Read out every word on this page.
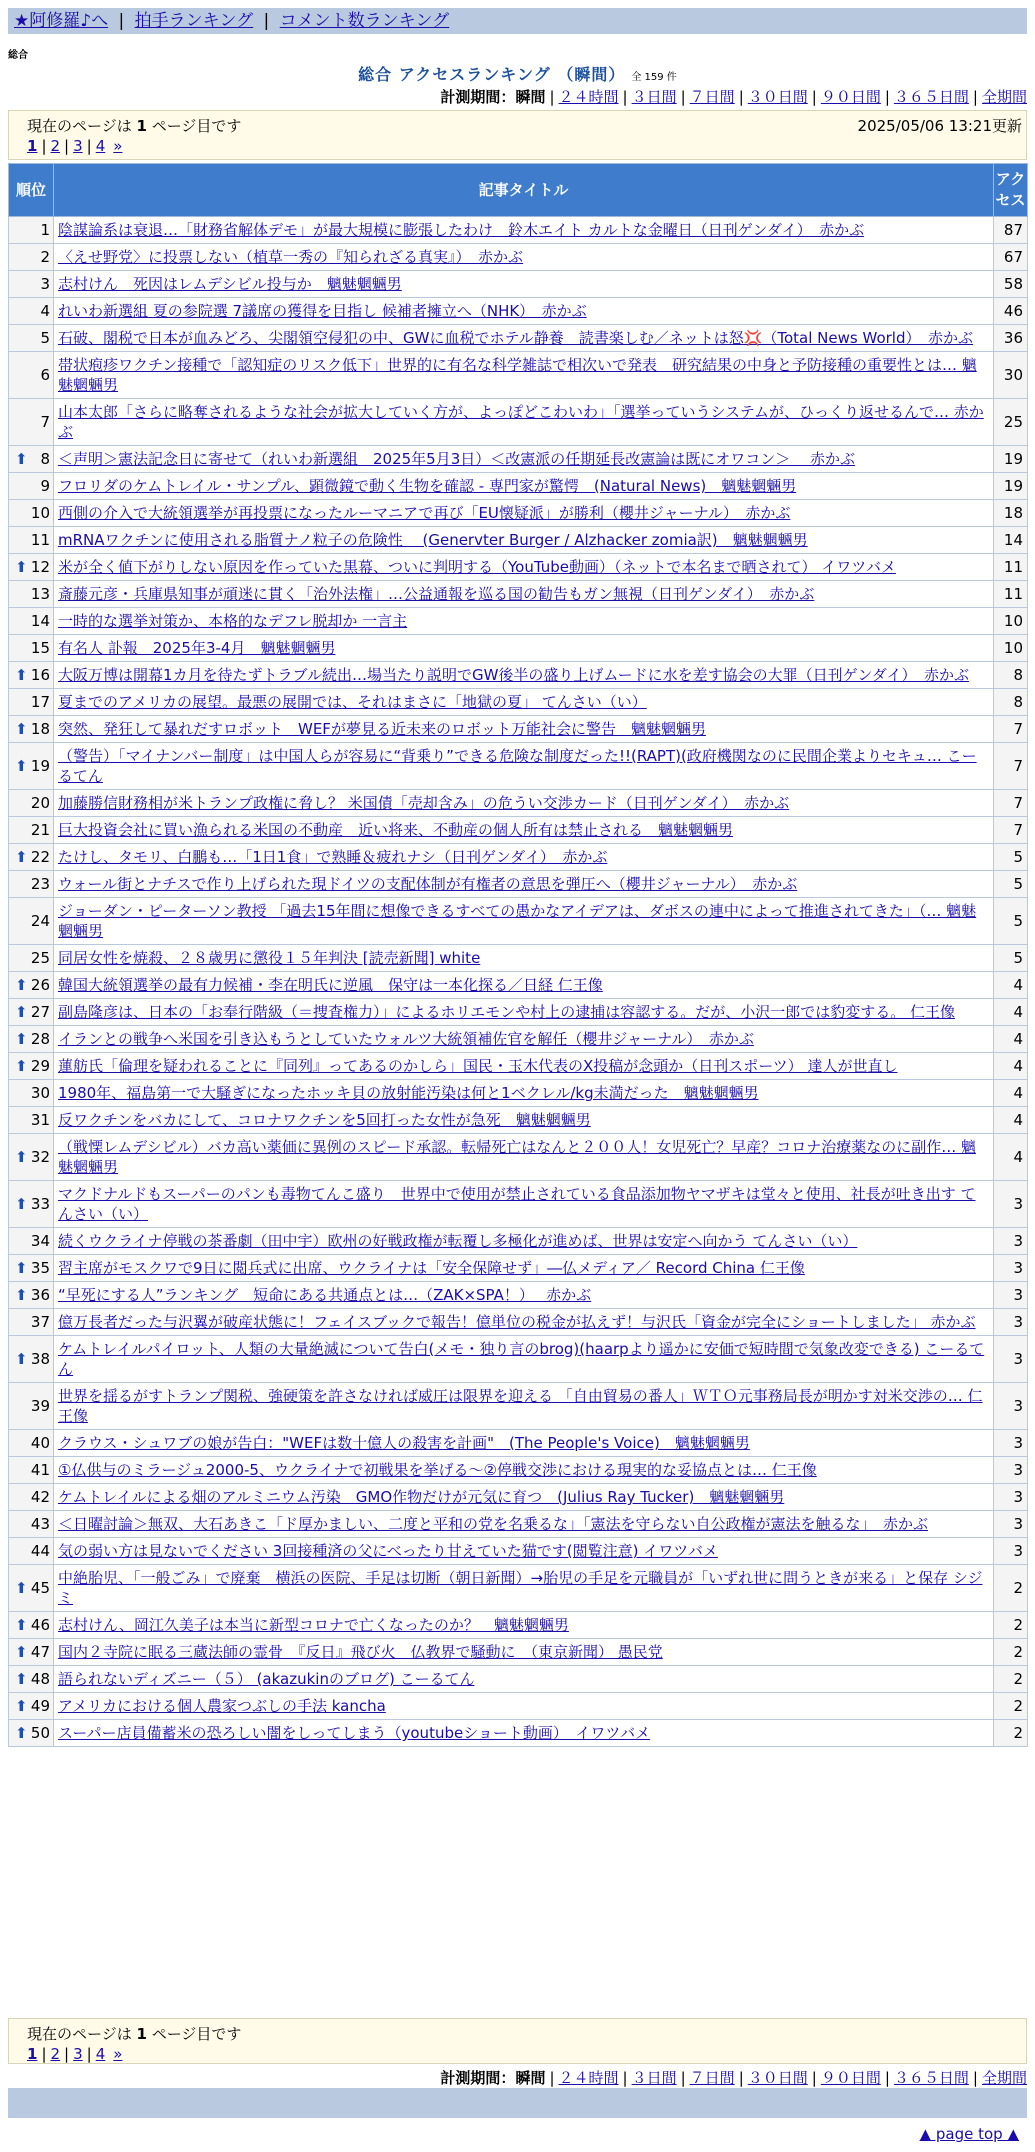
★阿修羅♪へ | 拍手ランキング | コメント数ランキング
総合
総合 アクセスランキング （瞬間） 全 159 件
計測期間：瞬間 | ２４時間 | ３日間 | ７日間 | ３０日間 | ９０日間 | ３６５日間 | 全期間
現在のページは 1 ページ目です
1 | 2 | 3 | 4 »
2025/05/06 13:21更新
順位	記事タイトル	アク
セス
1	陰謀論系は衰退…「財務省解体デモ」が最大規模に膨張したわけ　鈴木エイト カルトな金曜日（日刊ゲンダイ）　赤かぶ	87
2	〈えせ野党〉に投票しない（植草一秀の『知られざる真実』）　赤かぶ	67
3	志村けん　死因はレムデシビル投与か　魑魅魍魎男	58
4	れいわ新選組 夏の参院選 7議席の獲得を目指し 候補者擁立へ（NHK）　赤かぶ	46
5	石破、閣税で日本が血みどろ、尖閣領空侵犯の中、GWに血税でホテル静養　読書楽しむ／ネットは怒💢（Total News World）　赤かぶ	36
6	帯状疱疹ワクチン接種で「認知症のリスク低下」世界的に有名な科学雑誌で相次いで発表　研究結果の中身と予防接種の重要性とは… 魑魅魍魎男	30
7	山本太郎「さらに略奪されるような社会が拡大していく方が、よっぽどこわいわ」「選挙っていうシステムが、ひっくり返せるんで… 赤かぶ	25

⬆ 8	＜声明＞憲法記念日に寄せて（れいわ新選組　2025年5月3日）＜改憲派の任期延長改憲論は既にオワコン＞　 赤かぶ	19
9	フロリダのケムトレイル・サンプル、顕微鏡で動く生物を確認 - 専門家が驚愕　(Natural News)　魑魅魍魎男	19
10	西側の介入で大統領選挙が再投票になったルーマニアで再び「EU懐疑派」が勝利（櫻井ジャーナル）　赤かぶ	18
11	mRNAワクチンに使用される脂質ナノ粒子の危険性　 (Genervter Burger / Alzhacker zomia訳)　魑魅魍魎男	14

⬆ 12	米が全く値下がりしない原因を作っていた黒幕、ついに判明する（YouTube動画）（ネットで本名まで晒されて） イワツバメ	11
13	斎藤元彦・兵庫県知事が頑迷に貫く「治外法権」…公益通報を巡る国の勧告もガン無視（日刊ゲンダイ）　赤かぶ	11
14	一時的な選挙対策か、本格的なデフレ脱却か 一言主	10
15	有名人 訃報　2025年3-4月　魑魅魍魎男	10

⬆ 16	大阪万博は開幕1カ月を待たずトラブル続出…場当たり説明でGW後半の盛り上げムードに水を差す協会の大罪（日刊ゲンダイ）　赤かぶ	8
17	夏までのアメリカの展望。最悪の展開では、それはまさに「地獄の夏」 てんさい（い）	8

⬆ 18	突然、発狂して暴れだすロボット　WEFが夢見る近未来のロボット万能社会に警告　魑魅魍魎男	7

⬆ 19	（警告）「マイナンバー制度」は中国人らが容易に“背乗り”できる危険な制度だった!!(RAPT)(政府機関なのに民間企業よりセキュ… こーるてん	7
20	加藤勝信財務相が米トランプ政権に脅し？ 米国債「売却含み」の危うい交渉カード（日刊ゲンダイ）　赤かぶ	7
21	巨大投資会社に買い漁られる米国の不動産　近い将来、不動産の個人所有は禁止される　魑魅魍魎男	7

⬆ 22	たけし、タモリ、白鵬も…「1日1食」で熟睡＆疲れナシ（日刊ゲンダイ）　赤かぶ	5
23	ウォール街とナチスで作り上げられた現ドイツの支配体制が有権者の意思を弾圧へ（櫻井ジャーナル）　赤かぶ	5
24	ジョーダン・ピーターソン教授 「過去15年間に想像できるすべての愚かなアイデアは、ダボスの連中によって推進されてきた」（… 魑魅魍魎男	5
25	同居女性を焼殺、２８歳男に懲役１５年判決 [読売新聞] white	5

⬆ 26	韓国大統領選挙の最有力候補・李在明氏に逆風　保守は一本化探る／日経 仁王像	4

⬆ 27	副島隆彦は、日本の「お奉行階級（＝捜査権力）」によるホリエモンや村上の逮捕は容認する。だが、小沢一郎では豹変する。 仁王像	4

⬆ 28	イランとの戦争へ米国を引き込もうとしていたウォルツ大統領補佐官を解任（櫻井ジャーナル）　赤かぶ	4

⬆ 29	蓮舫氏「倫理を疑われることに『同列』ってあるのかしら」国民・玉木代表のX投稿が念頭か（日刊スポーツ） 達人が世直し	4
30	1980年、福島第一で大騒ぎになったホッキ貝の放射能汚染は何と1ベクレル/kg未満だった　魑魅魍魎男	4
31	反ワクチンをバカにして、コロナワクチンを5回打った女性が急死　魑魅魍魎男	4

⬆ 32	（戦慄レムデシビル）バカ高い薬価に異例のスピード承認。転帰死亡はなんと２００人！女児死亡？早産？コロナ治療薬なのに副作… 魑魅魍魎男	4

⬆ 33	マクドナルドもスーパーのパンも毒物てんこ盛り　世界中で使用が禁止されている食品添加物ヤマザキは堂々と使用、社長が吐き出す てんさい（い）	3
34	続くウクライナ停戦の茶番劇（田中宇）欧州の好戦政権が転覆し多極化が進めば、世界は安定へ向かう てんさい（い）	3

⬆ 35	習主席がモスクワで9日に閲兵式に出席、ウクライナは「安全保障せず」―仏メディア／ Record China 仁王像	3

⬆ 36	“早死にする人”ランキング　短命にある共通点とは…（ZAK×SPA！）　 赤かぶ	3
37	億万長者だった与沢翼が破産状態に！フェイスブックで報告！億単位の税金が払えず！与沢氏「資金が完全にショートしました」 赤かぶ	3

⬆ 38	ケムトレイルパイロット、人類の大量絶滅について告白(メモ・独り言のbrog)(haarpより遥かに安価で短時間で気象改変できる) こーるてん	3
39	世界を揺るがすトランプ関税、強硬策を許さなければ威圧は限界を迎える 「自由貿易の番人」ＷＴＯ元事務局長が明かす対米交渉の… 仁王像	3
40	クラウス・シュワブの娘が告白："WEFは数十億人の殺害を計画"　(The People's Voice)　魑魅魍魎男	3
41	①仏供与のミラージュ2000-5、ウクライナで初戦果を挙げる～②停戦交渉における現実的な妥協点とは… 仁王像	3
42	ケムトレイルによる畑のアルミニウム汚染　GMO作物だけが元気に育つ　(Julius Ray Tucker)　魑魅魍魎男	3
43	＜日曜討論＞無双、大石あきこ「ド厚かましい、二度と平和の党を名乗るな」「憲法を守らない自公政権が憲法を触るな」　赤かぶ	3
44	気の弱い方は見ないでください 3回接種済の父にべったり甘えていた猫です(閲覧注意) イワツバメ	3

⬆ 45	中絶胎児、「一般ごみ」で廃棄　横浜の医院、手足は切断（朝日新聞）→胎児の手足を元職員が「いずれ世に問うときが来る」と保存 シジミ	2

⬆ 46	志村けん、岡江久美子は本当に新型コロナで亡くなったのか？　魑魅魍魎男	2

⬆ 47	国内２寺院に眠る三蔵法師の霊骨　『反日』飛び火　仏教界で騒動に　（東京新聞） 愚民党	2

⬆ 48	語られないディズニー（５） (akazukinのブログ) こーるてん	2

⬆ 49	アメリカにおける個人農家つぶしの手法 kancha	2

⬆ 50	スーパー店員備蓄米の恐ろしい闇をしってしまう（youtubeショート動画）　イワツバメ	2
現在のページは 1 ページ目です
1 | 2 | 3 | 4 »
計測期間：瞬間 | ２４時間 | ３日間 | ７日間 | ３０日間 | ９０日間 | ３６５日間 | 全期間
▲ page top ▲
